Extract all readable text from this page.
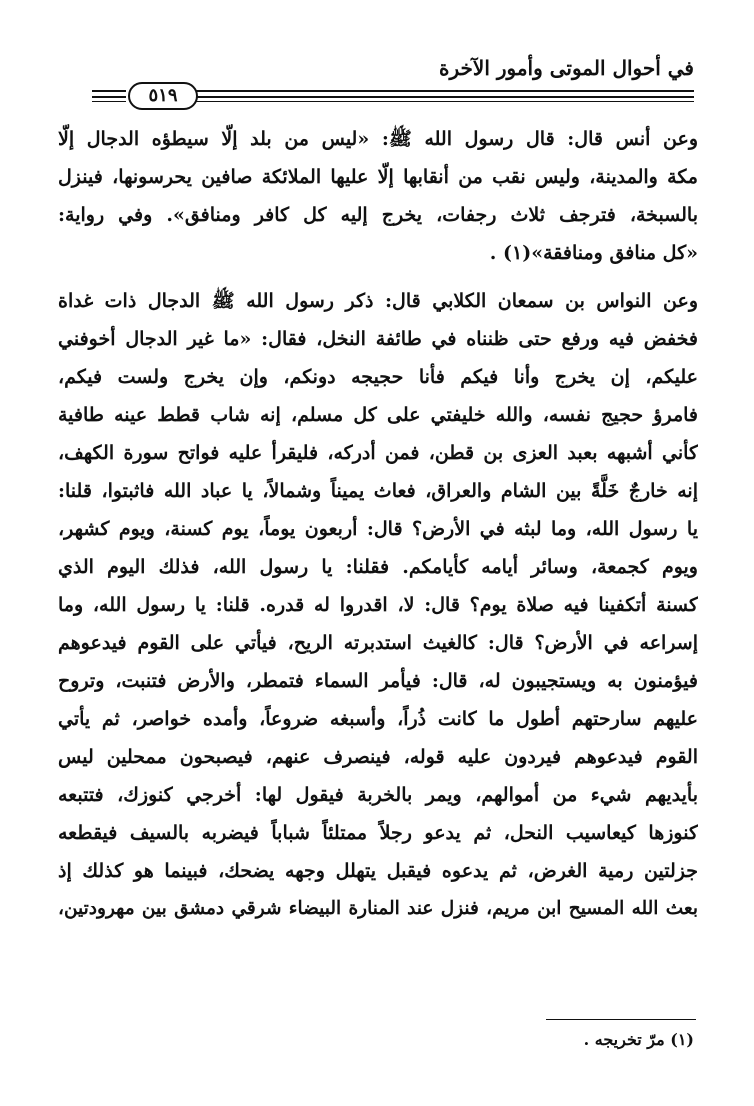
في أحوال الموتى وأمور الآخرة
٥١٩
وعن أنس قال: قال رسول الله ﷺ: «ليس من بلد إلّا سيطؤه الدجال إلّا
مكة والمدينة، وليس نقب من أنقابها إلّا عليها الملائكة صافين يحرسونها، فينزل
بالسبخة، فترجف ثلاث رجفات، يخرج إليه كل كافر ومنافق». وفي رواية:
«كل منافق ومنافقة»(١) .
وعن النواس بن سمعان الكلابي قال: ذكر رسول الله ﷺ الدجال ذات غداة
فخفض فيه ورفع حتى ظنناه في طائفة النخل، فقال: «ما غير الدجال أخوفني
عليكم، إن يخرج وأنا فيكم فأنا حجيجه دونكم، وإن يخرج ولست فيكم،
فامرؤ حجيج نفسه، والله خليفتي على كل مسلم، إنه شاب قطط عينه طافية
كأني أشبهه بعبد العزى بن قطن، فمن أدركه، فليقرأ عليه فواتح سورة الكهف،
إنه خارجٌ خَلَّةً بين الشام والعراق، فعاث يميناً وشمالاً، يا عباد الله فاثبتوا، قلنا:
يا رسول الله، وما لبثه في الأرض؟ قال: أربعون يوماً، يوم كسنة، ويوم كشهر،
ويوم كجمعة، وسائر أيامه كأيامكم. فقلنا: يا رسول الله، فذلك اليوم الذي
كسنة أتكفينا فيه صلاة يوم؟ قال: لا، اقدروا له قدره. قلنا: يا رسول الله، وما
إسراعه في الأرض؟ قال: كالغيث استدبرته الريح، فيأتي على القوم فيدعوهم
فيؤمنون به ويستجيبون له، قال: فيأمر السماء فتمطر، والأرض فتنبت، وتروح
عليهم سارحتهم أطول ما كانت ذُراً، وأسبغه ضروعاً، وأمده خواصر، ثم يأتي
القوم فيدعوهم فيردون عليه قوله، فينصرف عنهم، فيصبحون ممحلين ليس
بأيديهم شيء من أموالهم، ويمر بالخربة فيقول لها: أخرجي كنوزك، فتتبعه
كنوزها كيعاسيب النحل، ثم يدعو رجلاً ممتلئاً شباباً فيضربه بالسيف فيقطعه
جزلتين رمية الغرض، ثم يدعوه فيقبل يتهلل وجهه يضحك، فبينما هو كذلك إذ
بعث الله المسيح ابن مريم، فنزل عند المنارة البيضاء شرقي دمشق بين مهرودتين،
(١) مرّ تخريجه .
